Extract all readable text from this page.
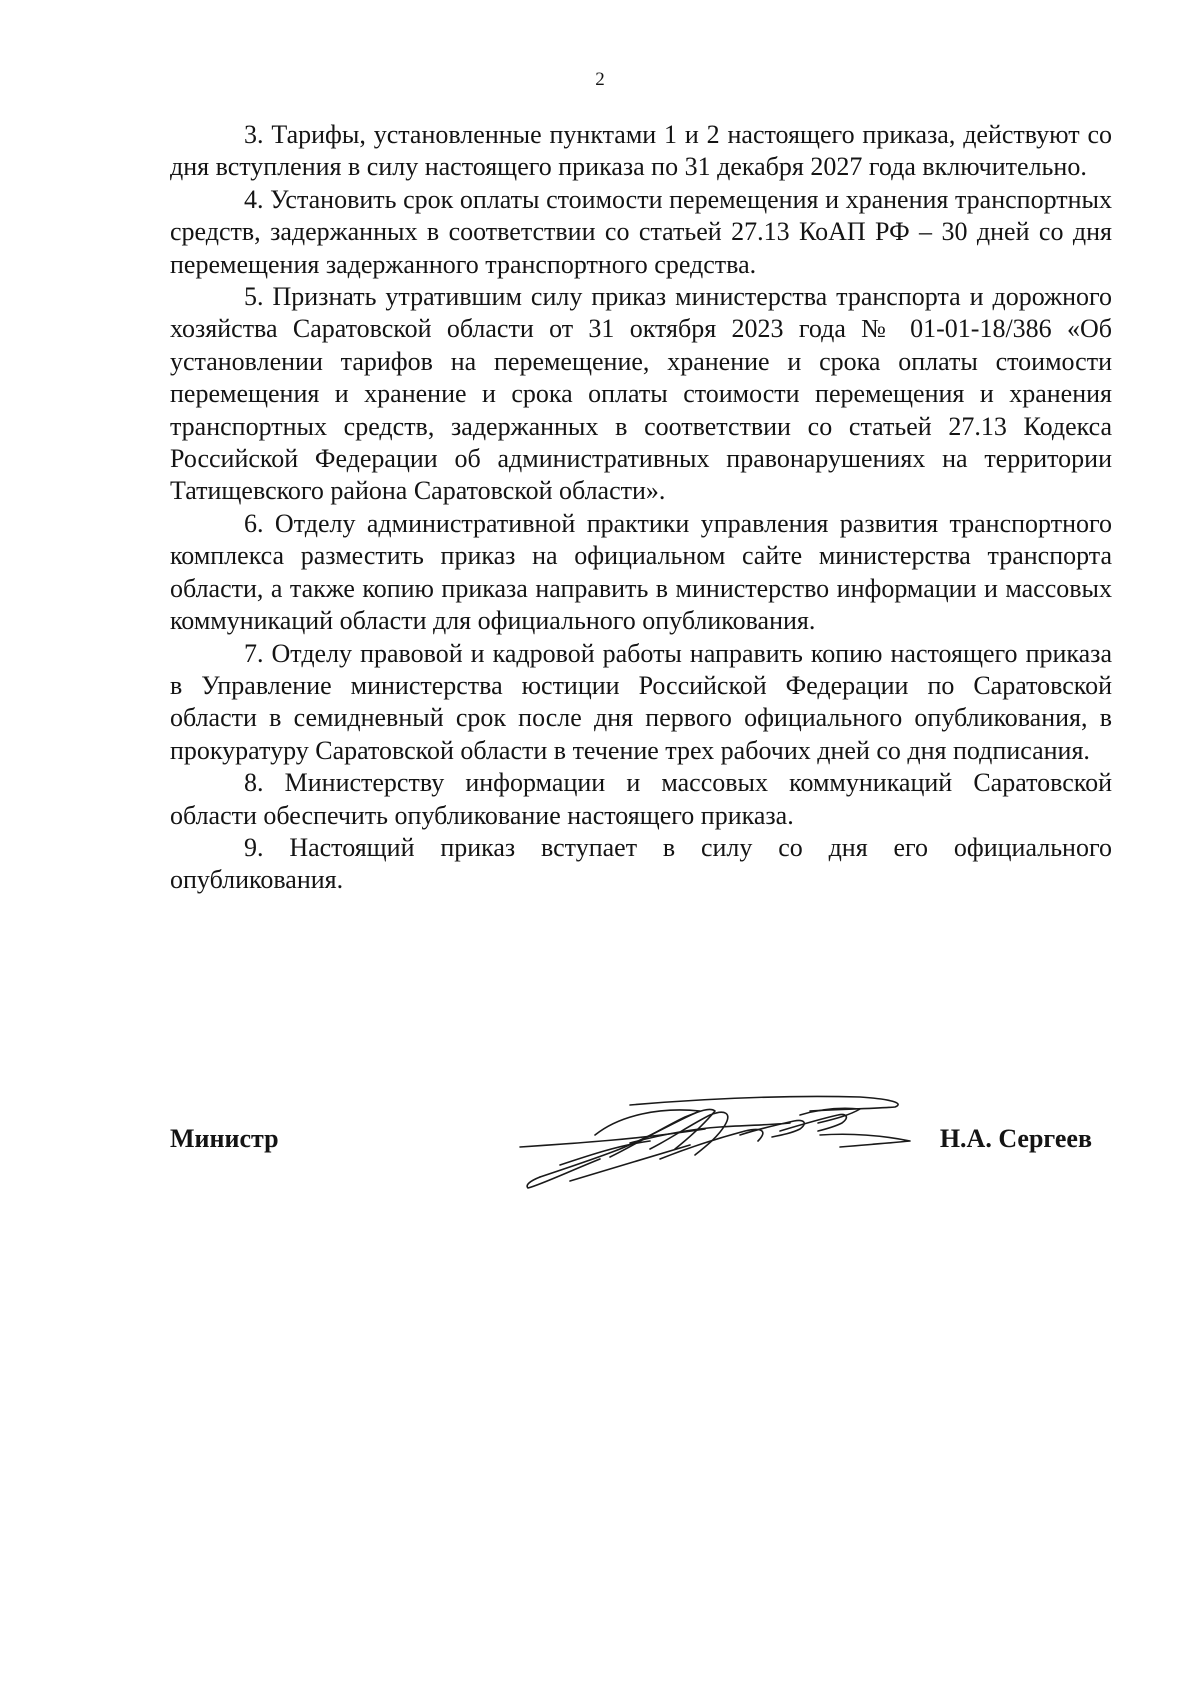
2

3. Тарифы, установленные пунктами 1 и 2 настоящего приказа, действуют со дня вступления в силу настоящего приказа по 31 декабря 2027 года включительно.

4. Установить срок оплаты стоимости перемещения и хранения транспортных средств, задержанных в соответствии со статьей 27.13 КоАП РФ – 30 дней со дня перемещения задержанного транспортного средства.

5. Признать утратившим силу приказ министерства транспорта и дорожного хозяйства Саратовской области от 31 октября 2023 года № 01-01-18/386 «Об установлении тарифов на перемещение, хранение и срока оплаты стоимости перемещения и хранение и срока оплаты стоимости перемещения и хранения транспортных средств, задержанных в соответствии со статьей 27.13 Кодекса Российской Федерации об административных правонарушениях на территории Татищевского района Саратовской области».

6. Отделу административной практики управления развития транспортного комплекса разместить приказ на официальном сайте министерства транспорта области, а также копию приказа направить в министерство информации и массовых коммуникаций области для официального опубликования.

7. Отделу правовой и кадровой работы направить копию настоящего приказа в Управление министерства юстиции Российской Федерации по Саратовской области в семидневный срок после дня первого официального опубликования, в прокуратуру Саратовской области в течение трех рабочих дней со дня подписания.

8. Министерству информации и массовых коммуникаций Саратовской области обеспечить опубликование настоящего приказа.

9. Настоящий приказ вступает в силу со дня его официального опубликования.

Министр	Н.А. Сергеев
